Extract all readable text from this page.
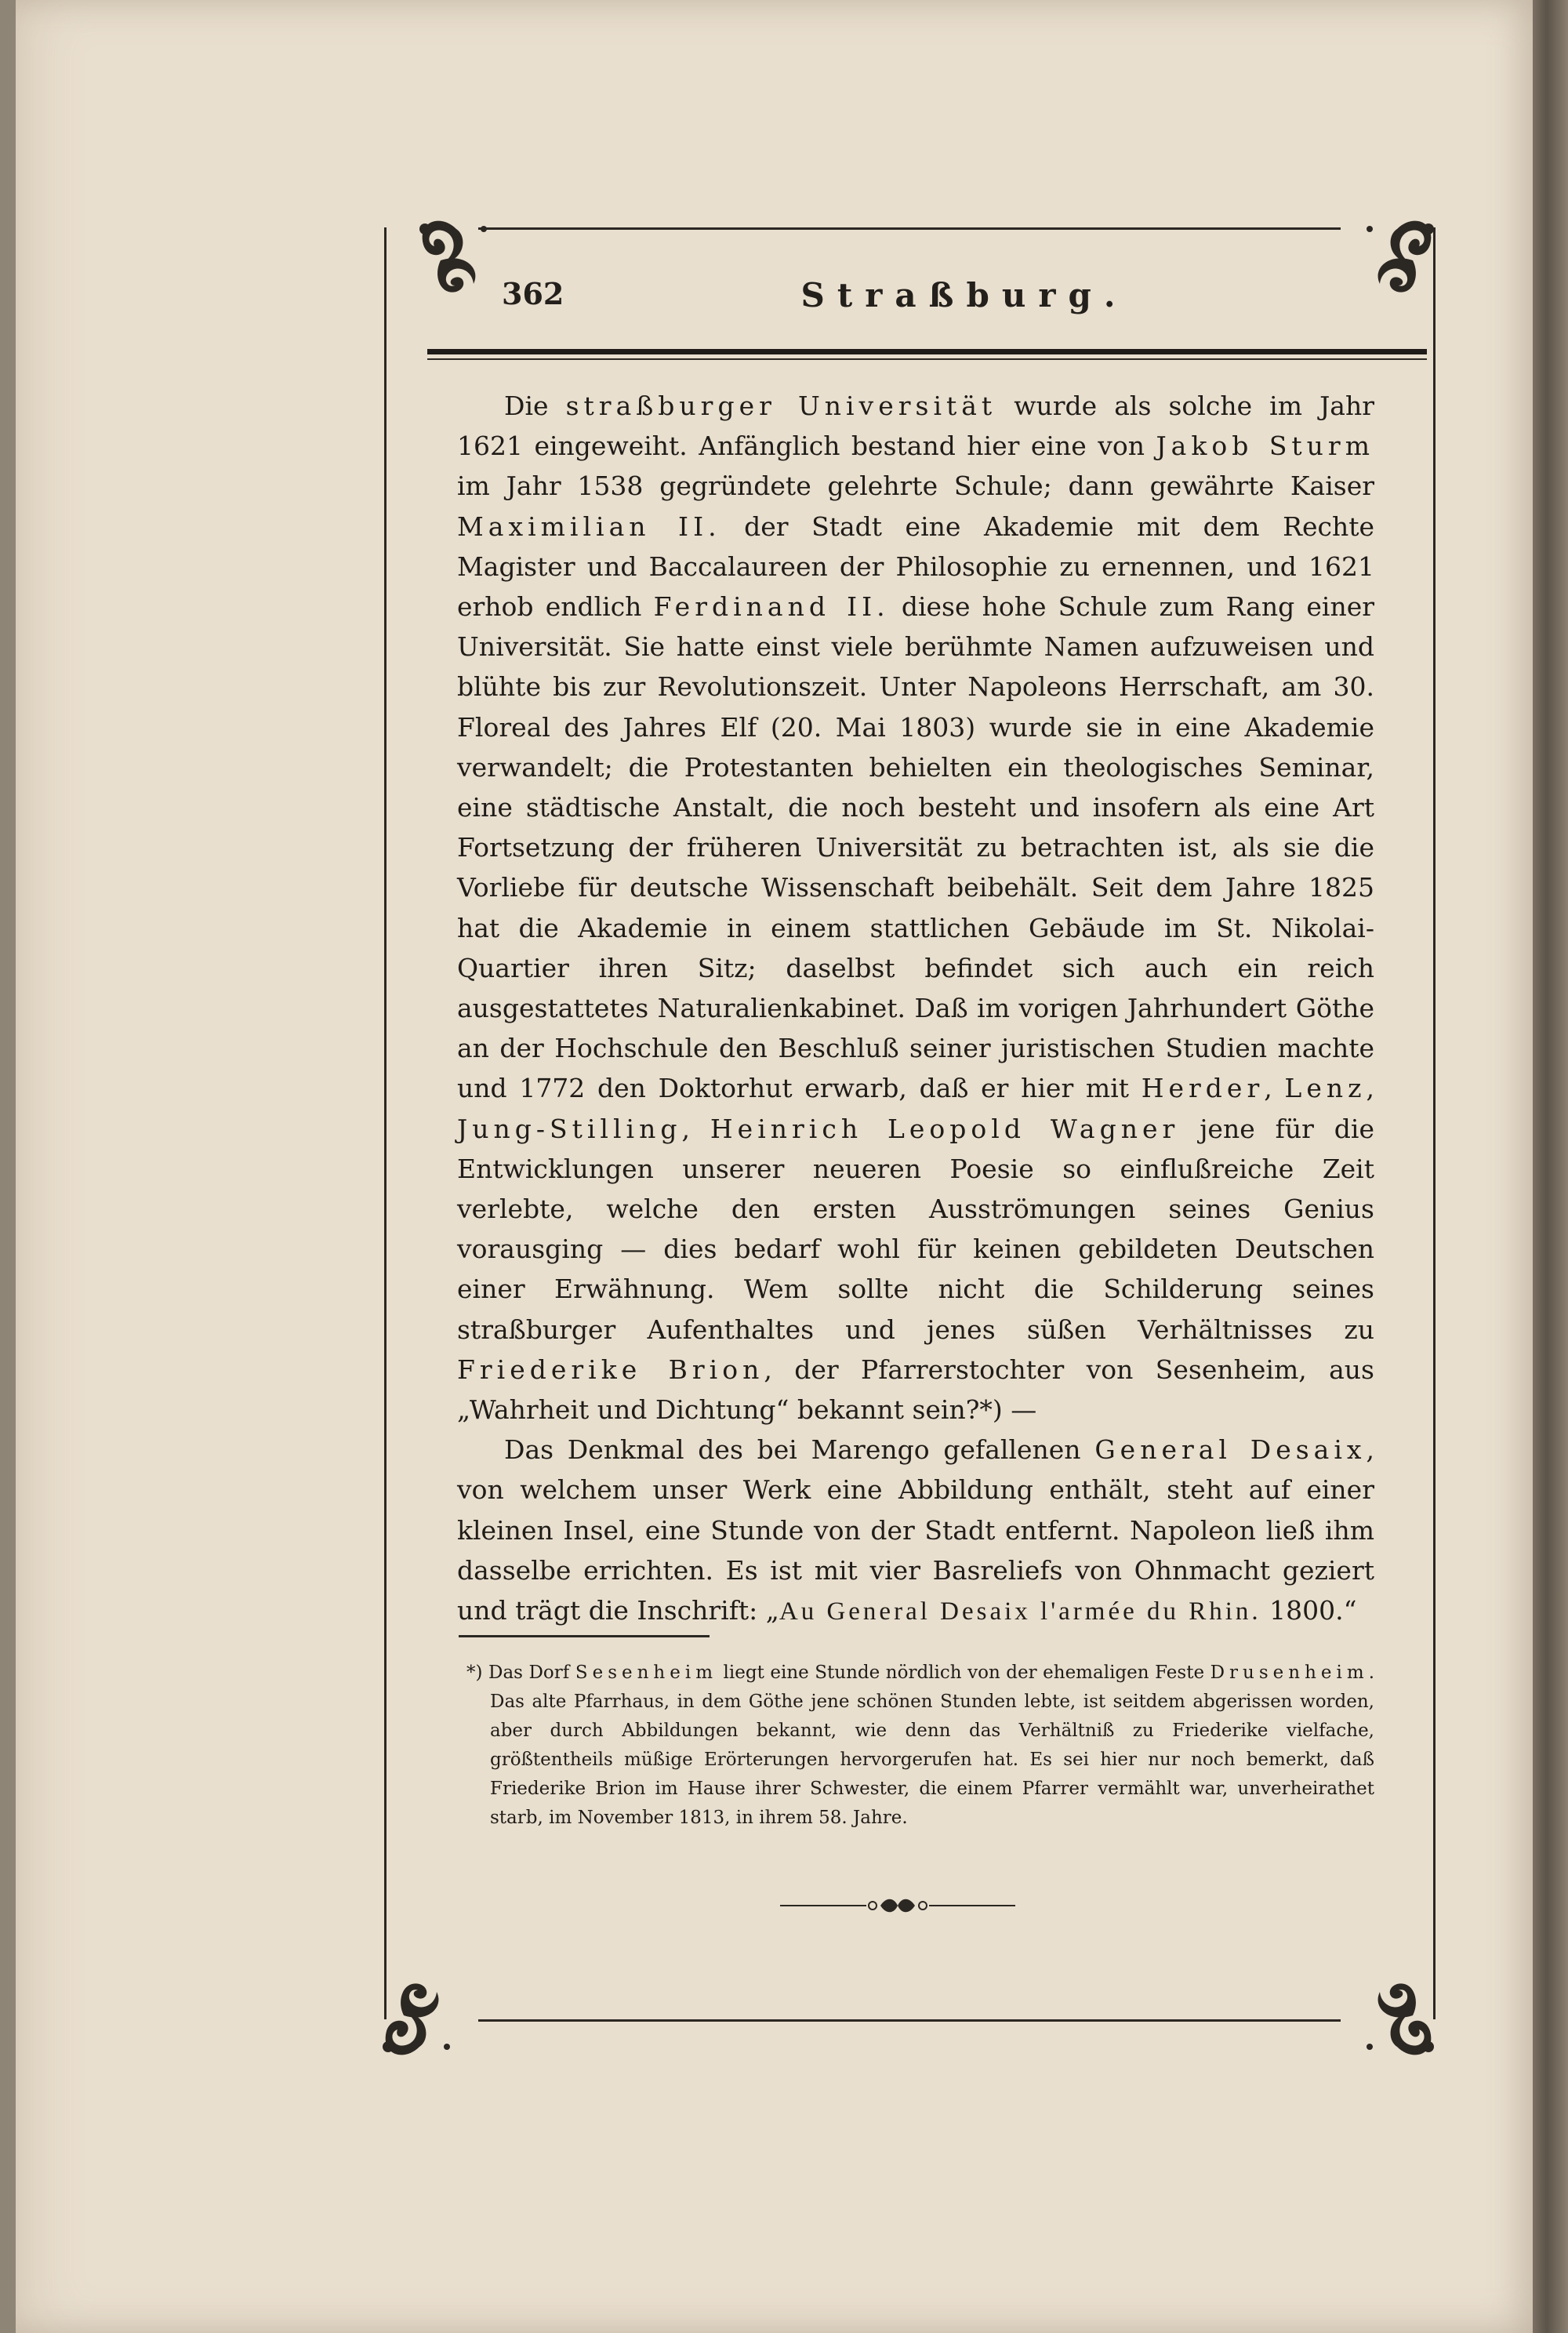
362	Straßburg.

Die straßburger Universität wurde als solche im Jahr 1621 eingeweiht. Anfänglich bestand hier eine von Jakob Sturm im Jahr 1538 gegründete gelehrte Schule; dann gewährte Kaiser Maximilian II. der Stadt eine Akademie mit dem Rechte Magister und Baccalaureen der Philosophie zu ernennen, und 1621 erhob endlich Ferdinand II. diese hohe Schule zum Rang einer Universität. Sie hatte einst viele berühmte Namen aufzuweisen und blühte bis zur Revolutionszeit. Unter Napoleons Herrschaft, am 30. Floreal des Jahres Elf (20. Mai 1803) wurde sie in eine Akademie verwandelt; die Protestanten behielten ein theologisches Seminar, eine städtische Anstalt, die noch besteht und insofern als eine Art Fortsetzung der früheren Universität zu betrachten ist, als sie die Vorliebe für deutsche Wissenschaft beibehält. Seit dem Jahre 1825 hat die Akademie in einem stattlichen Gebäude im St. Nikolai-Quartier ihren Sitz; daselbst befindet sich auch ein reich ausgestattetes Naturalienkabinet. Daß im vorigen Jahrhundert Göthe an der Hochschule den Beschluß seiner juristischen Studien machte und 1772 den Doktorhut erwarb, daß er hier mit Herder, Lenz, Jung-Stilling, Heinrich Leopold Wagner jene für die Entwicklungen unserer neueren Poesie so einflußreiche Zeit verlebte, welche den ersten Ausströmungen seines Genius vorausging — dies bedarf wohl für keinen gebildeten Deutschen einer Erwähnung. Wem sollte nicht die Schilderung seines straßburger Aufenthaltes und jenes süßen Verhältnisses zu Friederike Brion, der Pfarrerstochter von Sesenheim, aus „Wahrheit und Dichtung“ bekannt sein?*) —

Das Denkmal des bei Marengo gefallenen General Desaix, von welchem unser Werk eine Abbildung enthält, steht auf einer kleinen Insel, eine Stunde von der Stadt entfernt. Napoleon ließ ihm dasselbe errichten. Es ist mit vier Basreliefs von Ohnmacht geziert und trägt die Inschrift: „Au General Desaix l'armée du Rhin. 1800.“

*) Das Dorf Sesenheim liegt eine Stunde nördlich von der ehemaligen Feste Drusenheim. Das alte Pfarrhaus, in dem Göthe jene schönen Stunden lebte, ist seitdem abgerissen worden, aber durch Abbildungen bekannt, wie denn das Verhältniß zu Friederike vielfache, größtentheils müßige Erörterungen hervorgerufen hat. Es sei hier nur noch bemerkt, daß Friederike Brion im Hause ihrer Schwester, die einem Pfarrer vermählt war, unverheirathet starb, im November 1813, in ihrem 58. Jahre.
